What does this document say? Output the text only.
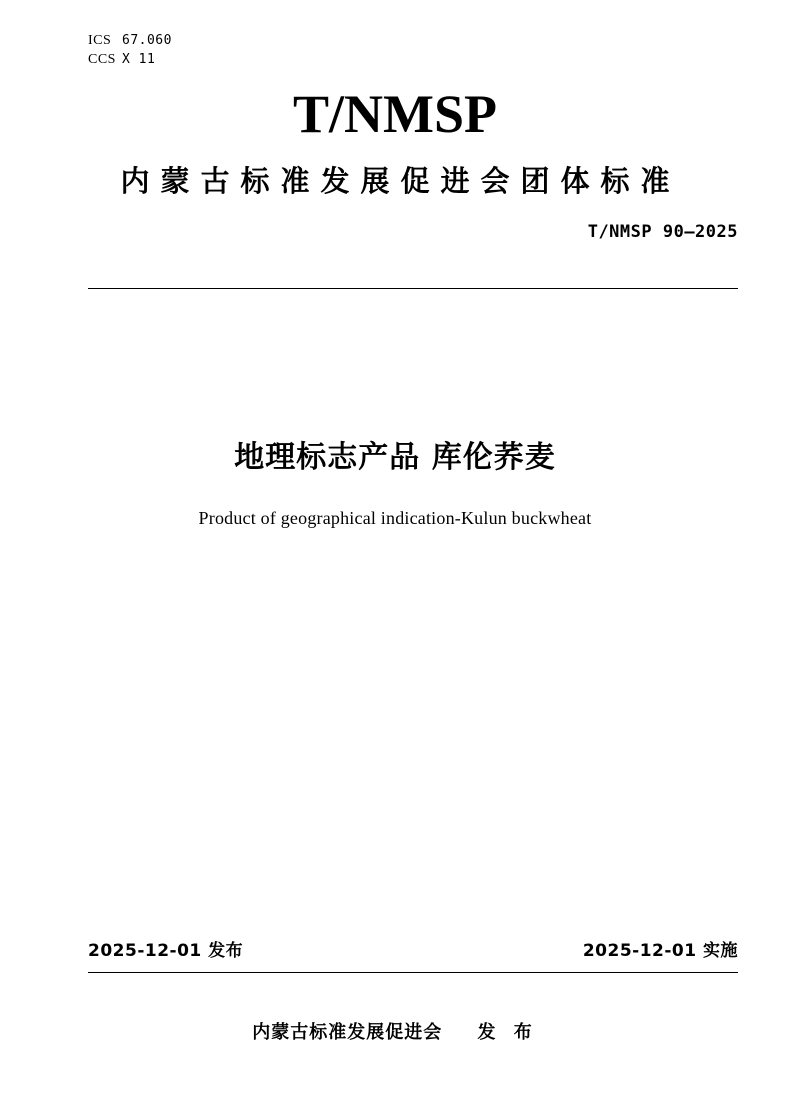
ICS 67.060
CCS X 11
T/NMSP
内蒙古标准发展促进会团体标准
T/NMSP 90—2025
地理标志产品 库伦荞麦
Product of geographical indication-Kulun buckwheat
2025-12-01 发布	2025-12-01 实施
内蒙古标准发展促进会 发 布
